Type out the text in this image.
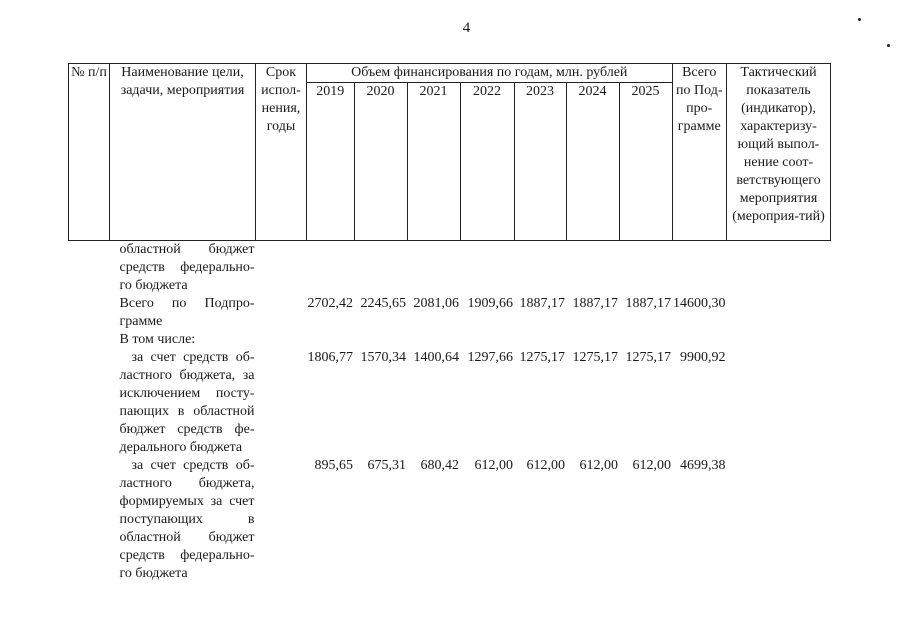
4
№ п/п	Наименование цели, задачи, мероприятия	Срок испол-нения, годы	Объем финансирования по годам, млн. рублей							Всего по Под-про-грамме	Тактический показатель (индикатор), характеризу-ющий выпол-нение соот-ветствующего мероприятия (мероприя-тий)
			2019	2020	2021	2022	2023	2024	2025		
	областной бюджет средств федерально-го бюджета										
	Всего по Подпро-грамме		2702,42	2245,65	2081,06	1909,66	1887,17	1887,17	1887,17	14600,30	
	В том числе:										
	за счет средств об-ластного бюджета, за исключением посту-пающих в областной бюджет средств фе-дерального бюджета		1806,77	1570,34	1400,64	1297,66	1275,17	1275,17	1275,17	9900,92	
	за счет средств об-ластного бюджета, формируемых за счет поступающих в областной бюджет средств федерально-го бюджета		895,65	675,31	680,42	612,00	612,00	612,00	612,00	4699,38	
